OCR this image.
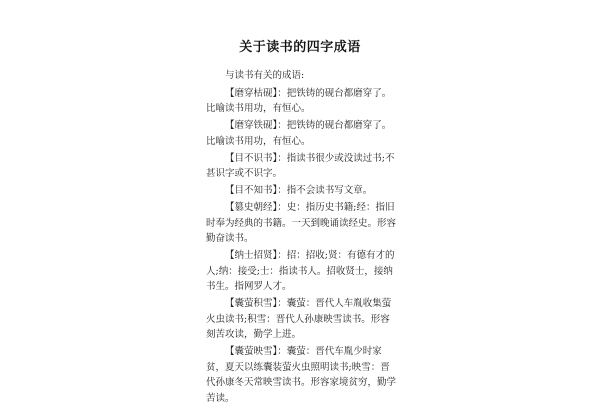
关于读书的四字成语

与读书有关的成语:

【磨穿枯砚】：把铁铸的砚台都磨穿了。比喻读书用功，有恒心。

【磨穿铁砚】：把铁铸的砚台都磨穿了。比喻读书用功，有恒心。

【目不识书】：指读书很少或没读过书;不甚识字或不识字。

【目不知书】：指不会读书写文章。

【篡史朝经】：史：指历史书籍;经：指旧时奉为经典的书籍。一天到晚诵读经史。形容勤奋读书。

【纳士招贤】：招：招收;贤：有德有才的人;纳：接受;士：指读书人。招收贤士，接纳书生。指网罗人才。

【囊萤积雪】：囊萤：晋代人车胤收集萤火虫读书;积雪：晋代人孙康映雪读书。形容刻苦攻读，勤学上进。

【囊萤映雪】：囊萤：晋代车胤少时家贫，夏天以练囊装萤火虫照明读书;映雪：晋代孙康冬天常映雪读书。形容家境贫穷，勤学苦读。
